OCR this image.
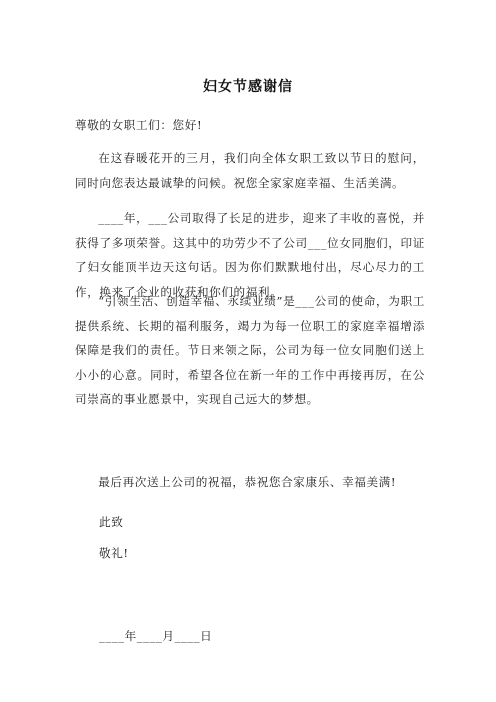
妇女节感谢信
尊敬的女职工们：您好!
在这春暖花开的三月，我们向全体女职工致以节日的慰问，同时向您表达最诚挚的问候。祝您全家家庭幸福、生活美满。
____年，___公司取得了长足的进步，迎来了丰收的喜悦，并获得了多项荣誉。这其中的功劳少不了公司___位女同胞们，印证了妇女能顶半边天这句话。因为你们默默地付出，尽心尽力的工作，换来了企业的收获和你们的福利。
“引领生活、创造幸福、永续业绩”是___公司的使命，为职工提供系统、长期的福利服务，竭力为每一位职工的家庭幸福增添保障是我们的责任。节日来领之际，公司为每一位女同胞们送上小小的心意。同时，希望各位在新一年的工作中再接再厉，在公司崇高的事业愿景中，实现自己远大的梦想。
最后再次送上公司的祝福，恭祝您合家康乐、幸福美满!
此致
敬礼!
____年____月____日
